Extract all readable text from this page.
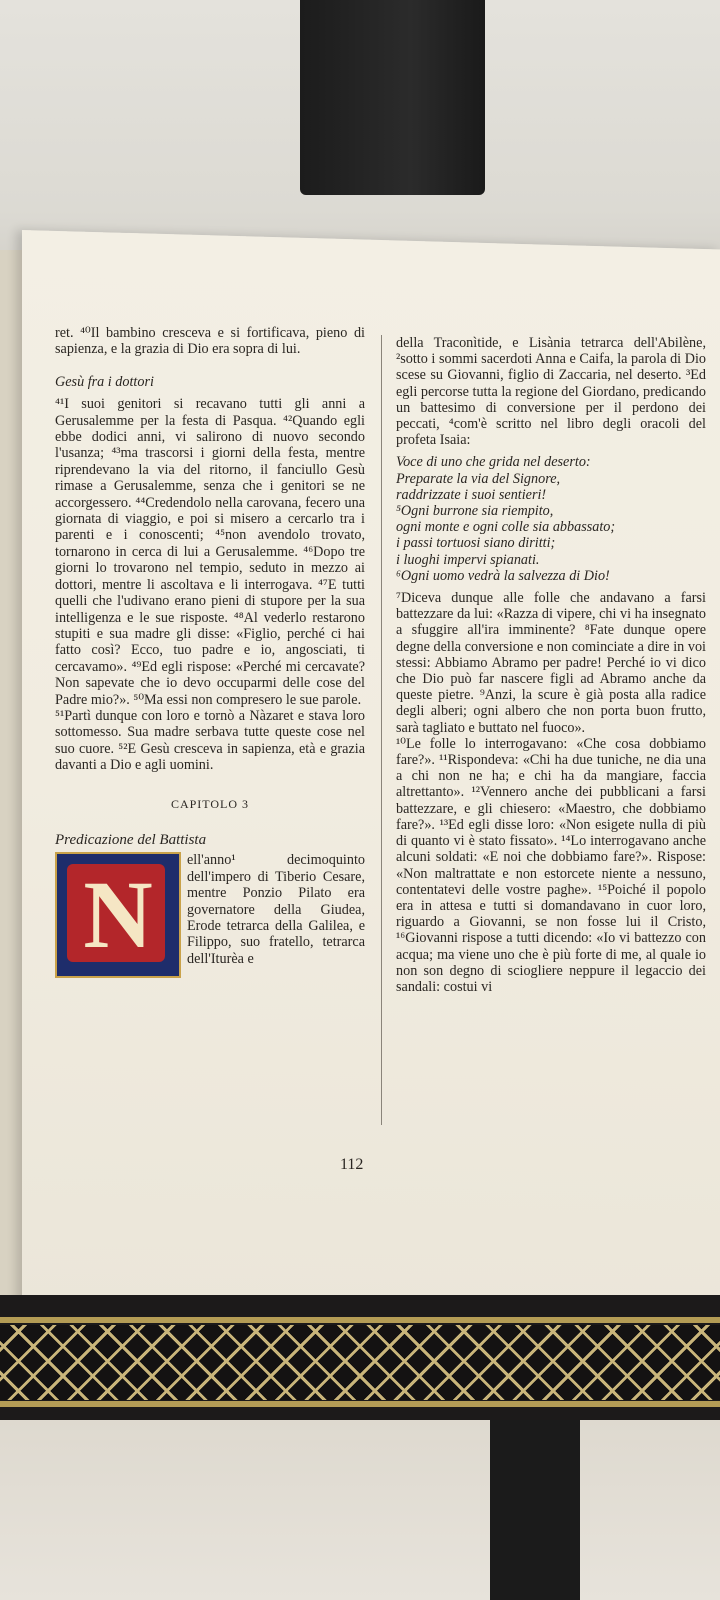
ret. ⁴⁰Il bambino cresceva e si fortificava, pieno di sapienza, e la grazia di Dio era sopra di lui.

Gesù fra i dottori

⁴¹I suoi genitori si recavano tutti gli anni a Gerusalemme per la festa di Pasqua. ⁴²Quando egli ebbe dodici anni, vi salirono di nuovo secondo l'usanza; ⁴³ma trascorsi i giorni della festa, mentre riprendevano la via del ritorno, il fanciullo Gesù rimase a Gerusalemme, senza che i genitori se ne accorgessero. ⁴⁴Credendolo nella carovana, fecero una giornata di viaggio, e poi si misero a cercarlo tra i parenti e i conoscenti; ⁴⁵non avendolo trovato, tornarono in cerca di lui a Gerusalemme. ⁴⁶Dopo tre giorni lo trovarono nel tempio, seduto in mezzo ai dottori, mentre li ascoltava e li interrogava. ⁴⁷E tutti quelli che l'udivano erano pieni di stupore per la sua intelligenza e le sue risposte. ⁴⁸Al vederlo restarono stupiti e sua madre gli disse: «Figlio, perché ci hai fatto così? Ecco, tuo padre e io, angosciati, ti cercavamo». ⁴⁹Ed egli rispose: «Perché mi cercavate? Non sapevate che io devo occuparmi delle cose del Padre mio?». ⁵⁰Ma essi non compresero le sue parole.

⁵¹Partì dunque con loro e tornò a Nàzaret e stava loro sottomesso. Sua madre serbava tutte queste cose nel suo cuore. ⁵²E Gesù cresceva in sapienza, età e grazia davanti a Dio e agli uomini.

CAPITOLO 3
Predicazione del Battista
N

ell'anno¹ decimoquinto dell'impero di Tiberio Cesare, mentre Ponzio Pilato era governatore della Giudea, Erode tetrarca della Galilea, e Filippo, suo fratello, tetrarca dell'Iturèa e

della Traconìtide, e Lisània tetrarca dell'Abilène, ²sotto i sommi sacerdoti Anna e Caifa, la parola di Dio scese su Giovanni, figlio di Zaccaria, nel deserto. ³Ed egli percorse tutta la regione del Giordano, predicando un battesimo di conversione per il perdono dei peccati, ⁴com'è scritto nel libro degli oracoli del profeta Isaia:

Voce di uno che grida nel deserto:
Preparate la via del Signore,
raddrizzate i suoi sentieri!
⁵Ogni burrone sia riempito,
ogni monte e ogni colle sia abbassato;
i passi tortuosi siano diritti;
i luoghi impervi spianati.
⁶Ogni uomo vedrà la salvezza di Dio!

⁷Diceva dunque alle folle che andavano a farsi battezzare da lui: «Razza di vipere, chi vi ha insegnato a sfuggire all'ira imminente? ⁸Fate dunque opere degne della conversione e non cominciate a dire in voi stessi: Abbiamo Abramo per padre! Perché io vi dico che Dio può far nascere figli ad Abramo anche da queste pietre. ⁹Anzi, la scure è già posta alla radice degli alberi; ogni albero che non porta buon frutto, sarà tagliato e buttato nel fuoco».

¹⁰Le folle lo interrogavano: «Che cosa dobbiamo fare?». ¹¹Rispondeva: «Chi ha due tuniche, ne dia una a chi non ne ha; e chi ha da mangiare, faccia altrettanto». ¹²Vennero anche dei pubblicani a farsi battezzare, e gli chiesero: «Maestro, che dobbiamo fare?». ¹³Ed egli disse loro: «Non esigete nulla di più di quanto vi è stato fissato». ¹⁴Lo interrogavano anche alcuni soldati: «E noi che dobbiamo fare?». Rispose: «Non maltrattate e non estorcete niente a nessuno, contentatevi delle vostre paghe». ¹⁵Poiché il popolo era in attesa e tutti si domandavano in cuor loro, riguardo a Giovanni, se non fosse lui il Cristo, ¹⁶Giovanni rispose a tutti dicendo: «Io vi battezzo con acqua; ma viene uno che è più forte di me, al quale io non son degno di sciogliere neppure il legaccio dei sandali: costui vi

112
